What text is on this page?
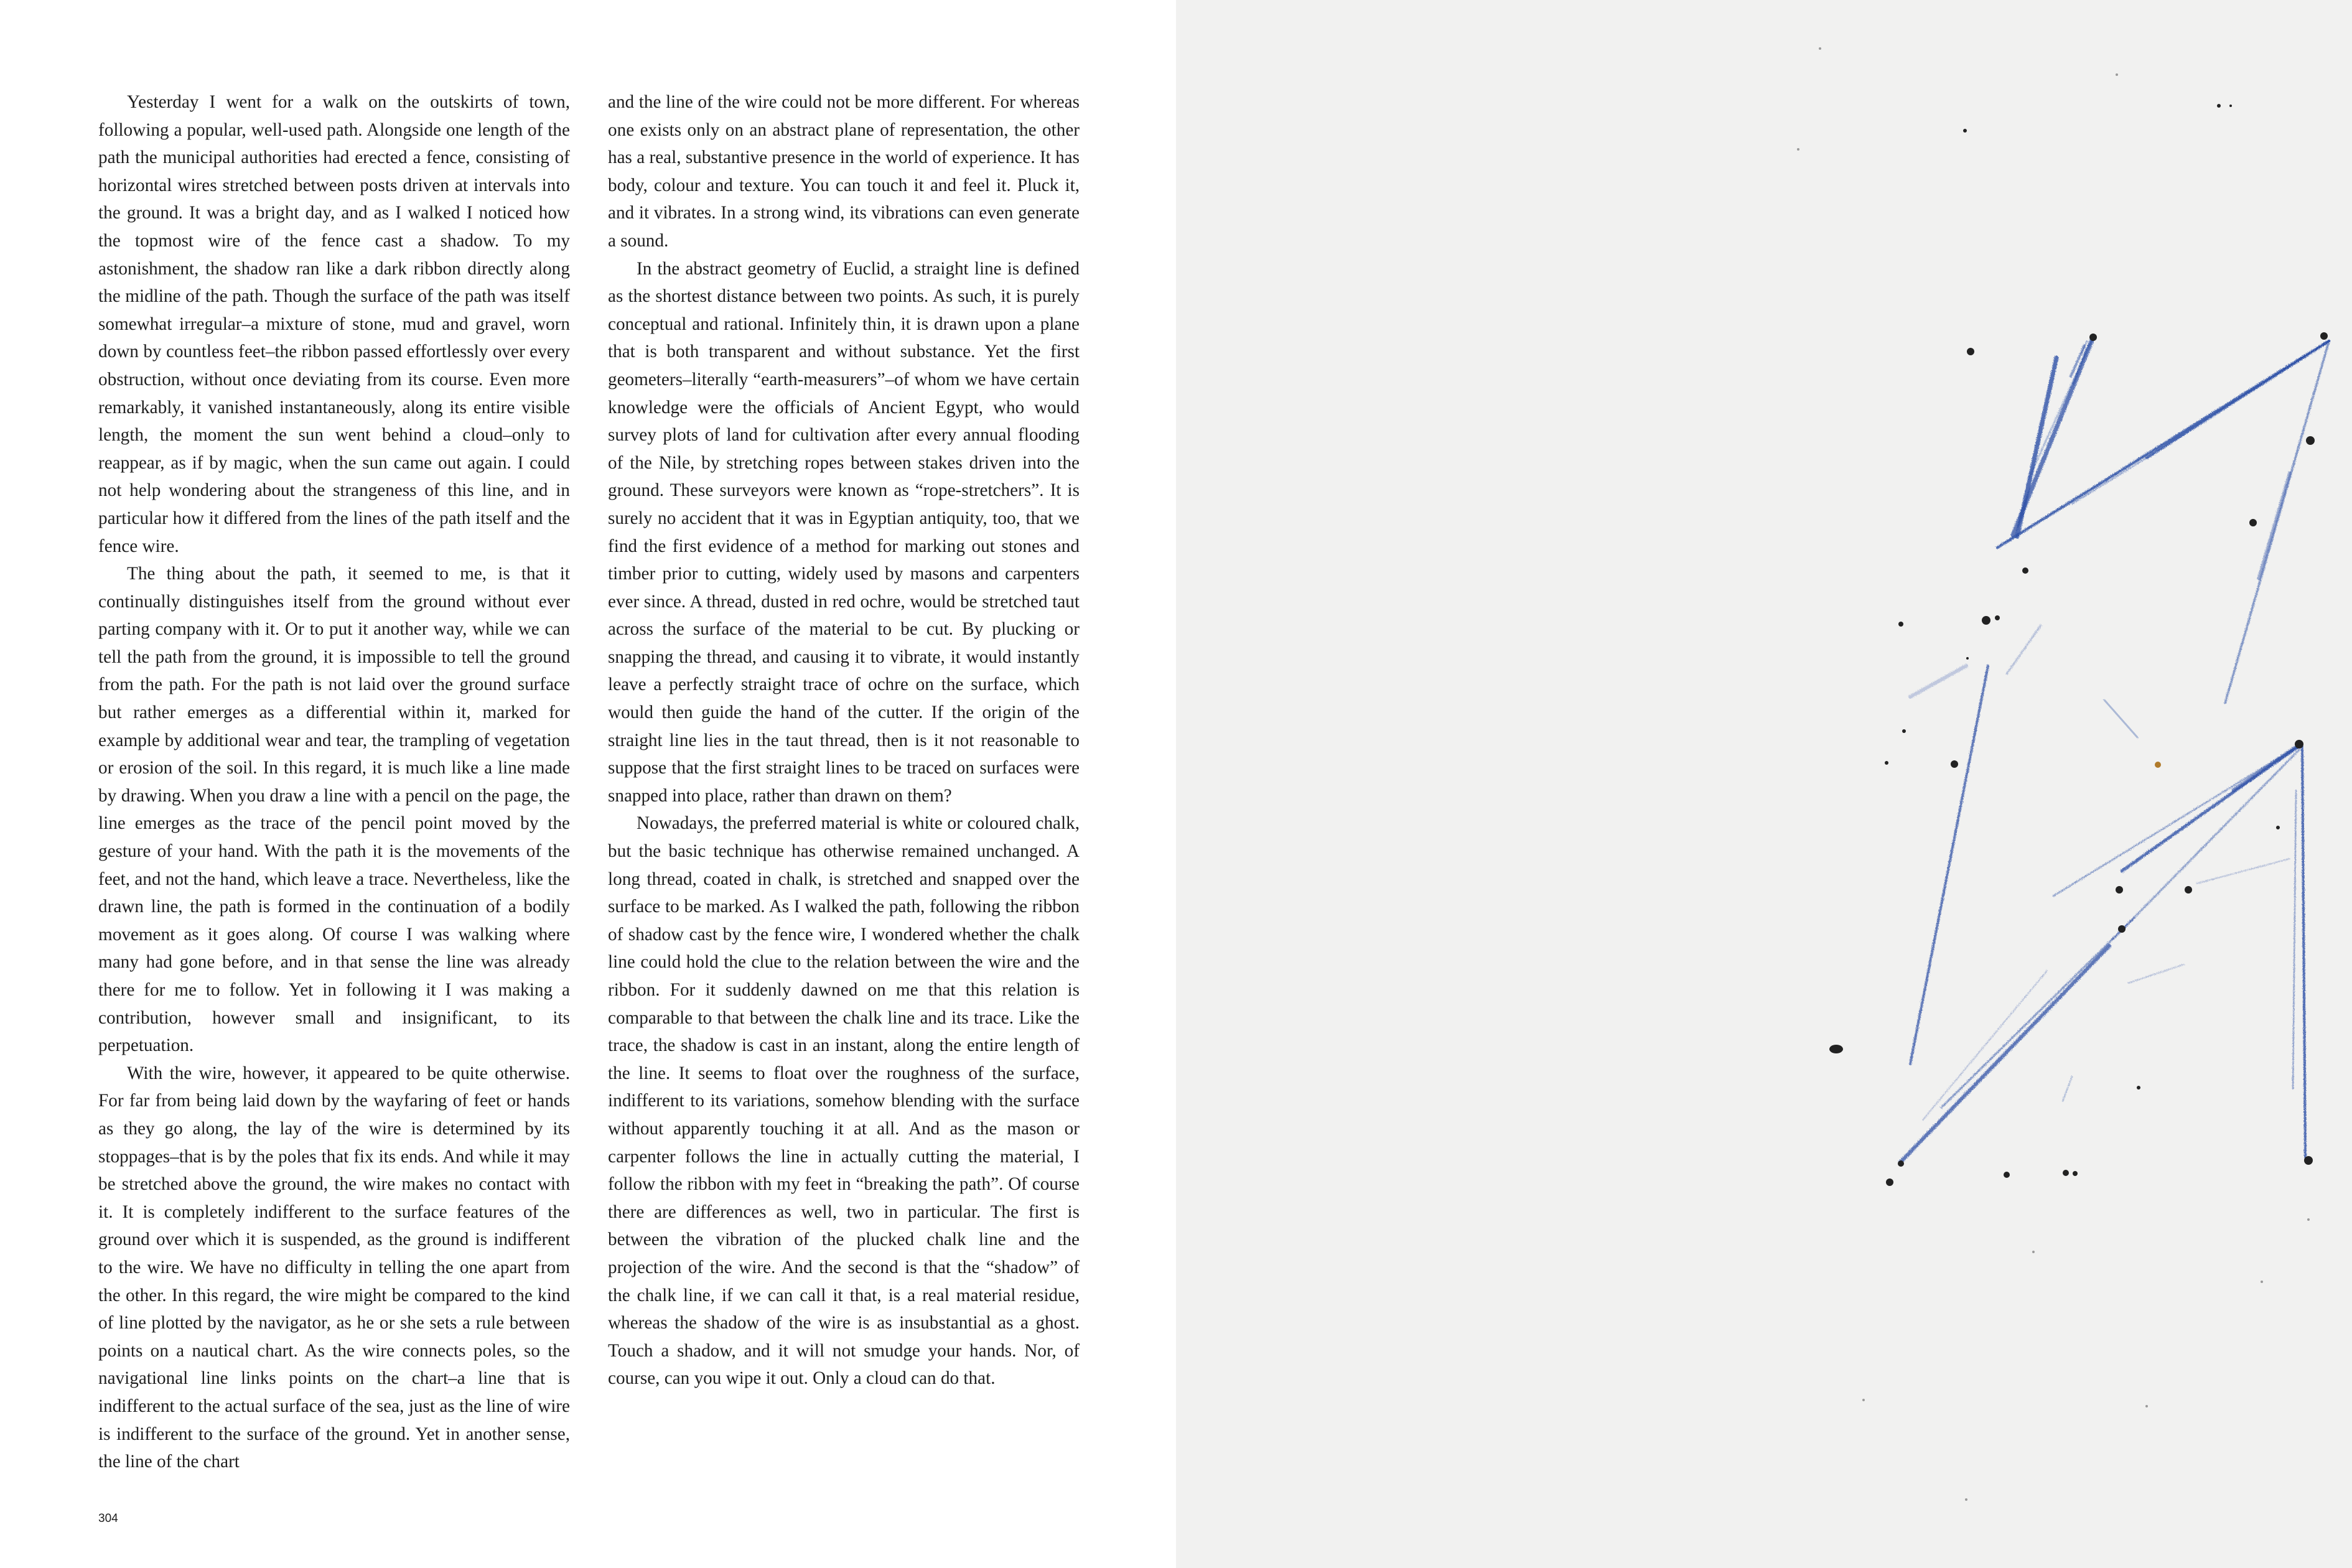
Yesterday I went for a walk on the outskirts of town, following a popular, well-used path. Alongside one length of the path the municipal authorities had erected a fence, consisting of horizontal wires stretched between posts driven at intervals into the ground. It was a bright day, and as I walked I noticed how the topmost wire of the fence cast a shadow. To my astonishment, the shadow ran like a dark ribbon directly along the midline of the path. Though the surface of the path was itself somewhat irregular–a mixture of stone, mud and gravel, worn down by countless feet–the ribbon passed effortlessly over every obstruction, without once deviating from its course. Even more remarkably, it vanished instantaneously, along its entire visible length, the moment the sun went behind a cloud–only to reappear, as if by magic, when the sun came out again. I could not help wondering about the strangeness of this line, and in particular how it differed from the lines of the path itself and the fence wire.

The thing about the path, it seemed to me, is that it continually distinguishes itself from the ground without ever parting company with it. Or to put it another way, while we can tell the path from the ground, it is impossible to tell the ground from the path. For the path is not laid over the ground surface but rather emerges as a differential within it, marked for example by additional wear and tear, the trampling of vegetation or erosion of the soil. In this regard, it is much like a line made by drawing. When you draw a line with a pencil on the page, the line emerges as the trace of the pencil point moved by the gesture of your hand. With the path it is the movements of the feet, and not the hand, which leave a trace. Nevertheless, like the drawn line, the path is formed in the continuation of a bodily movement as it goes along. Of course I was walking where many had gone before, and in that sense the line was already there for me to follow. Yet in following it I was making a contribution, however small and insignificant, to its perpetuation.

With the wire, however, it appeared to be quite otherwise. For far from being laid down by the wayfaring of feet or hands as they go along, the lay of the wire is determined by its stoppages–that is by the poles that fix its ends. And while it may be stretched above the ground, the wire makes no contact with it. It is completely indifferent to the surface features of the ground over which it is suspended, as the ground is indifferent to the wire. We have no difficulty in telling the one apart from the other. In this regard, the wire might be compared to the kind of line plotted by the navigator, as he or she sets a rule between points on a nautical chart. As the wire connects poles, so the navigational line links points on the chart–a line that is indifferent to the actual surface of the sea, just as the line of wire is indifferent to the surface of the ground. Yet in another sense, the line of the chart

and the line of the wire could not be more different. For whereas one exists only on an abstract plane of representation, the other has a real, substantive presence in the world of experience. It has body, colour and texture. You can touch it and feel it. Pluck it, and it vibrates. In a strong wind, its vibrations can even generate a sound.

In the abstract geometry of Euclid, a straight line is defined as the shortest distance between two points. As such, it is purely conceptual and rational. Infinitely thin, it is drawn upon a plane that is both transparent and without substance. Yet the first geometers–literally “earth-measurers”–of whom we have certain knowledge were the officials of Ancient Egypt, who would survey plots of land for cultivation after every annual flooding of the Nile, by stretching ropes between stakes driven into the ground. These surveyors were known as “rope-stretchers”. It is surely no accident that it was in Egyptian antiquity, too, that we find the first evidence of a method for marking out stones and timber prior to cutting, widely used by masons and carpenters ever since. A thread, dusted in red ochre, would be stretched taut across the surface of the material to be cut. By plucking or snapping the thread, and causing it to vibrate, it would instantly leave a perfectly straight trace of ochre on the surface, which would then guide the hand of the cutter. If the origin of the straight line lies in the taut thread, then is it not reasonable to suppose that the first straight lines to be traced on surfaces were snapped into place, rather than drawn on them?

Nowadays, the preferred material is white or coloured chalk, but the basic technique has otherwise remained unchanged. A long thread, coated in chalk, is stretched and snapped over the surface to be marked. As I walked the path, following the ribbon of shadow cast by the fence wire, I wondered whether the chalk line could hold the clue to the relation between the wire and the ribbon. For it suddenly dawned on me that this relation is comparable to that between the chalk line and its trace. Like the trace, the shadow is cast in an instant, along the entire length of the line. It seems to float over the roughness of the surface, indifferent to its variations, somehow blending with the surface without apparently touching it at all. And as the mason or carpenter follows the line in actually cutting the material, I follow the ribbon with my feet in “breaking the path”. Of course there are differences as well, two in particular. The first is between the vibration of the plucked chalk line and the projection of the wire. And the second is that the “shadow” of the chalk line, if we can call it that, is a real material residue, whereas the shadow of the wire is as insubstantial as a ghost. Touch a shadow, and it will not smudge your hands. Nor, of course, can you wipe it out. Only a cloud can do that.

304
